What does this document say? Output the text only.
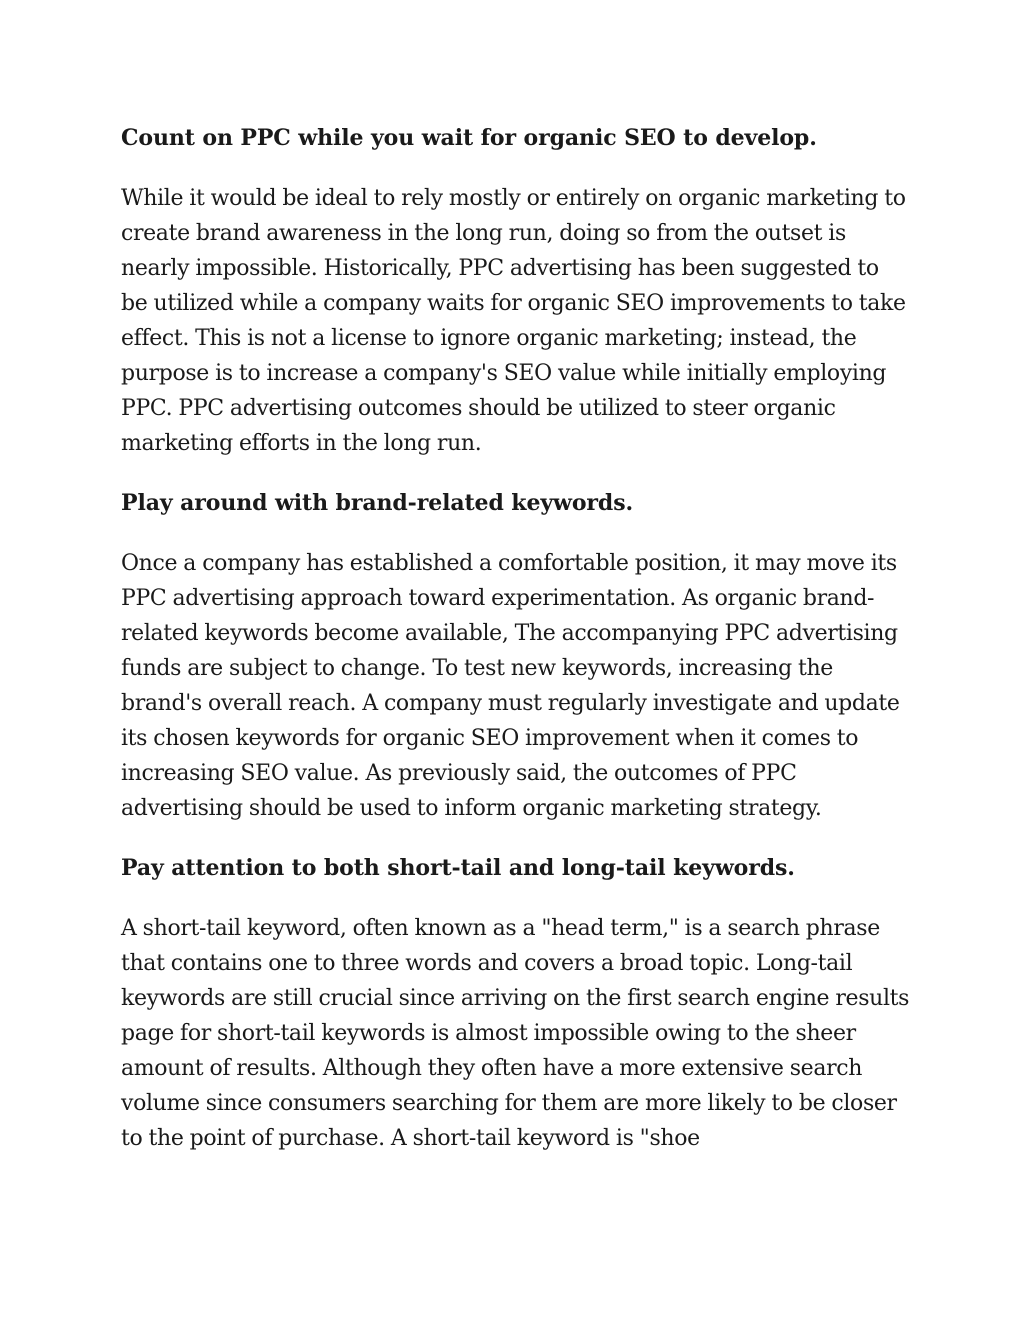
Count on PPC while you wait for organic SEO to develop.

While it would be ideal to rely mostly or entirely on organic marketing to create brand awareness in the long run, doing so from the outset is nearly impossible. Historically, PPC advertising has been suggested to be utilized while a company waits for organic SEO improvements to take effect. This is not a license to ignore organic marketing; instead, the purpose is to increase a company's SEO value while initially employing PPC. PPC advertising outcomes should be utilized to steer organic marketing efforts in the long run.

Play around with brand-related keywords.

Once a company has established a comfortable position, it may move its PPC advertising approach toward experimentation. As organic brand-related keywords become available, The accompanying PPC advertising funds are subject to change. To test new keywords, increasing the brand's overall reach. A company must regularly investigate and update its chosen keywords for organic SEO improvement when it comes to increasing SEO value. As previously said, the outcomes of PPC advertising should be used to inform organic marketing strategy.

Pay attention to both short-tail and long-tail keywords.

A short-tail keyword, often known as a "head term," is a search phrase that contains one to three words and covers a broad topic. Long-tail keywords are still crucial since arriving on the first search engine results page for short-tail keywords is almost impossible owing to the sheer amount of results. Although they often have a more extensive search volume since consumers searching for them are more likely to be closer to the point of purchase. A short-tail keyword is "shoe
